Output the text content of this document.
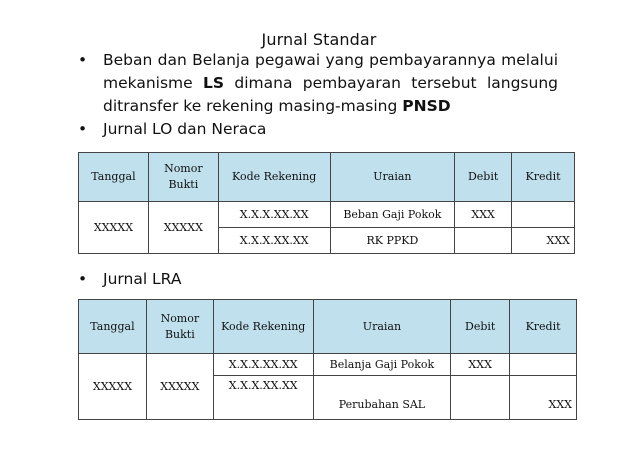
Jurnal Standar
•	Beban dan Belanja pegawai yang pembayarannya melalui mekanisme LS dimana pembayaran tersebut langsung ditransfer ke rekening masing-masing PNSD
•	Jurnal LO dan Neraca
Tanggal	Nomor Bukti	Kode Rekening	Uraian	Debit	Kredit
XXXXX	XXXXX	X.X.X.XX.XX	Beban Gaji Pokok	XXX	
		X.X.X.XX.XX	RK PPKD		XXX
•	Jurnal LRA
Tanggal	Nomor Bukti	Kode Rekening	Uraian	Debit	Kredit
XXXXX	XXXXX	X.X.X.XX.XX	Belanja Gaji Pokok	XXX	
		X.X.X.XX.XX	Perubahan SAL		XXX
